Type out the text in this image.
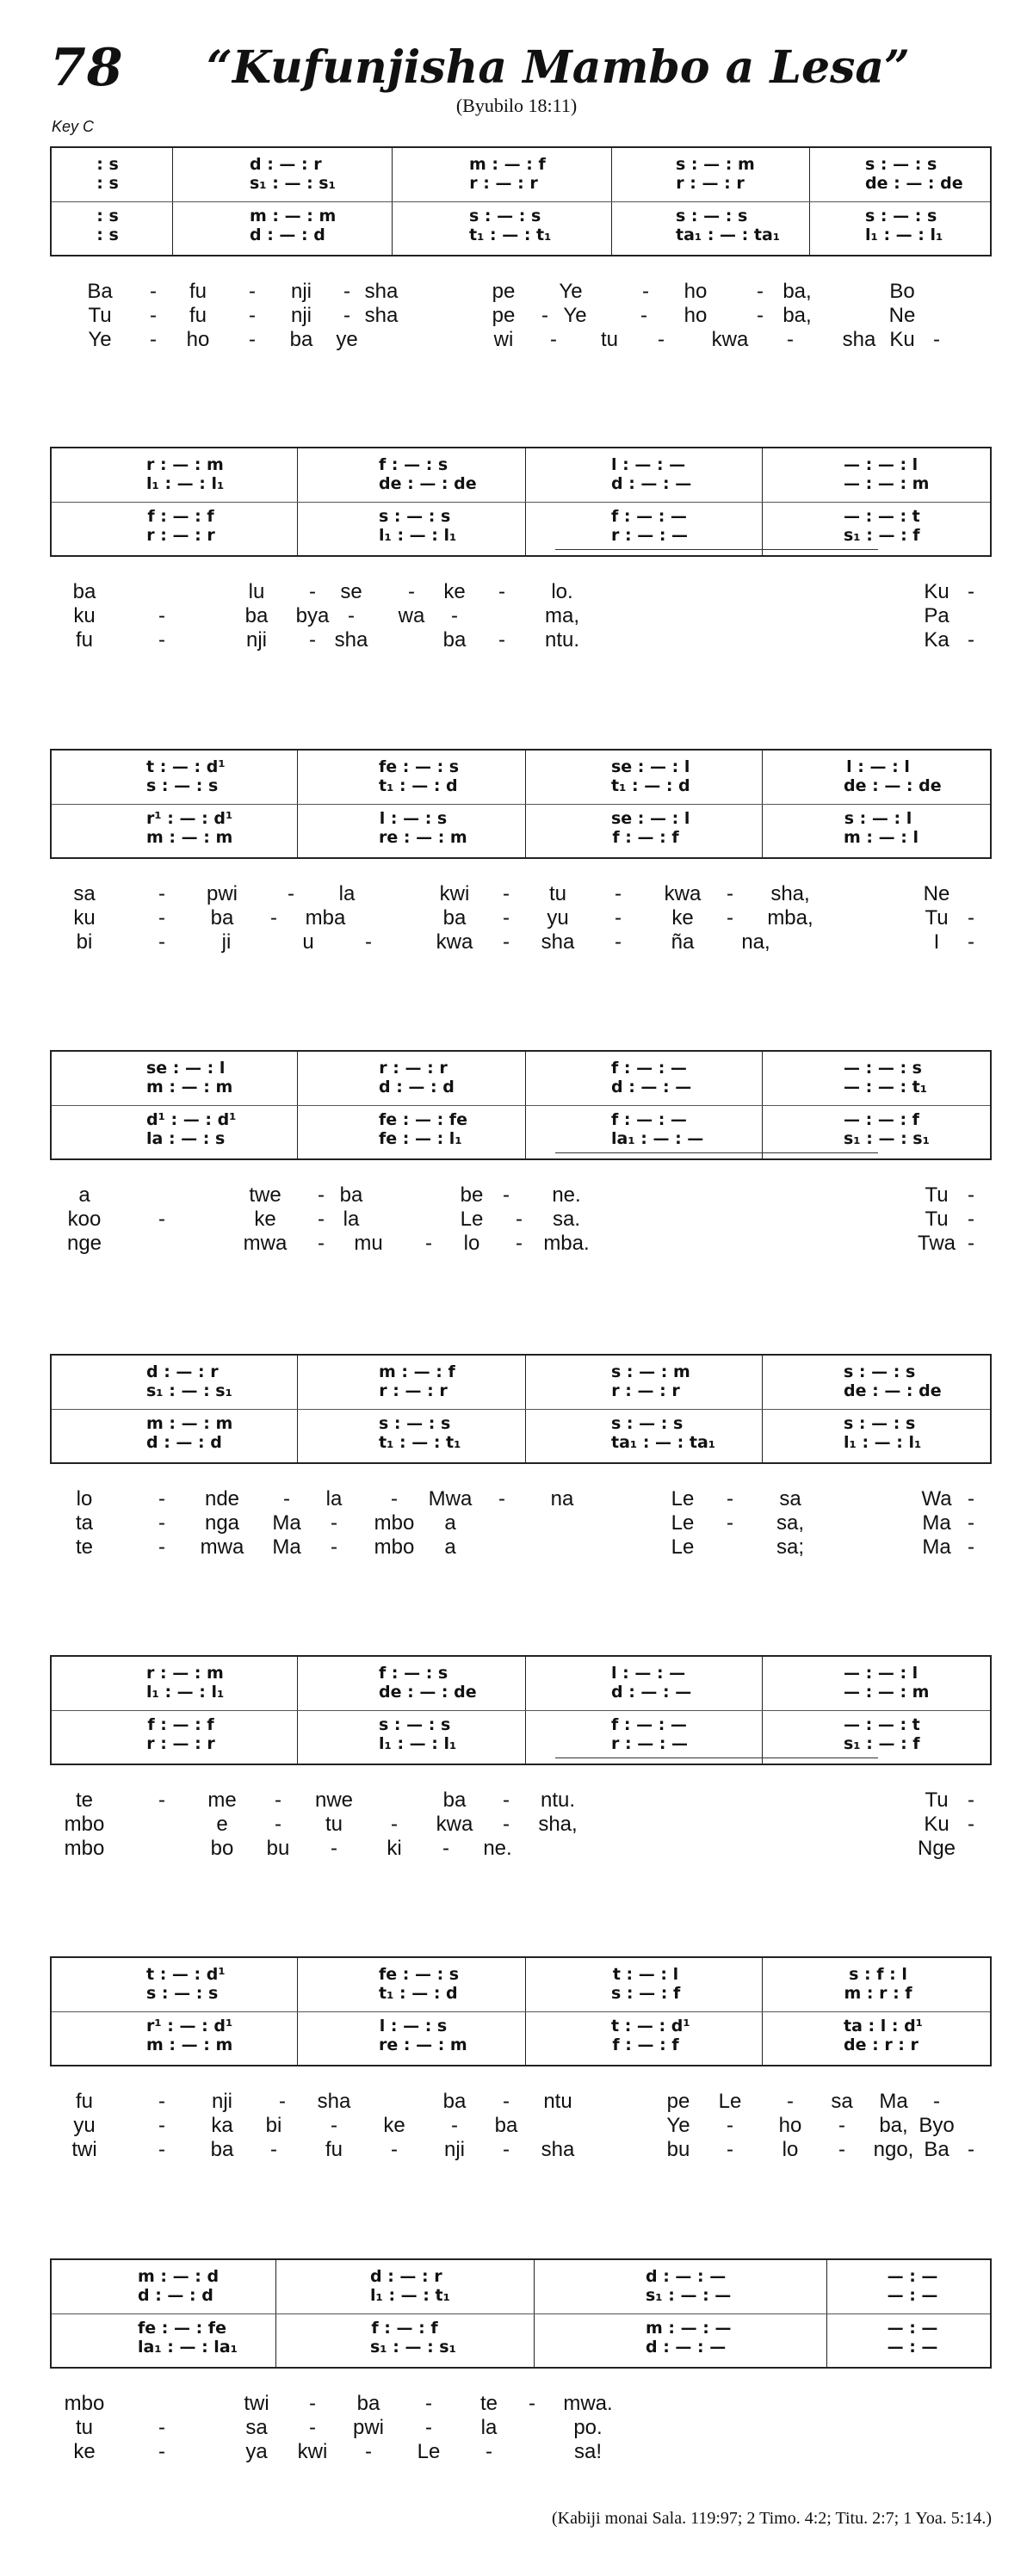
78 “Kufunjisha Mambo a Lesa”
(Byubilo 18:11)
Key C
: s	d : — : r	m : — : f	s : — : m	s : — : s
: s	s₁ : — : s₁	r : — : r	r : — : r	de : — : de
: s	m : — : m	s : — : s	s : — : s	s : — : s
: s	d : — : d	t₁ : — : t₁	ta₁ : — : ta₁	l₁ : — : l₁
Ba	-	fu	-	nji	- sha	pe	Ye	-	ho	- ba,	Bo
Tu	-	fu	-	nji	- sha	pe	- Ye	-	ho	- ba,	Ne
Ye	-	ho	-	ba	ye	wi	-	tu	-	kwa	-	sha Ku -
r : — : m	f : — : s	l : — : —	— : — : l
l₁ : — : l₁	de : — : de	d : — : —	— : — : m
f : — : f	s : — : s	f : — : —	— : — : t
r : — : r	l₁ : — : l₁	r : — : —	s₁ : — : f
ba	lu	-	se	-	ke	-	lo.	Ku -
ku	-	ba	bya -	wa	-	ma,	Pa
fu	-	nji	- sha	ba	-	ntu.	Ka -
t : — : d¹	fe : — : s	se : — : l	l : — : l
s : — : s	t₁ : — : d	t₁ : — : d	de : — : de
r¹ : — : d¹	l : — : s	se : — : l	s : — : l
m : — : m	re : — : m	f : — : f	m : — : l
sa	-	pwi	-	la	kwi	-	tu	-	kwa	-	sha,	Ne
ku	-	ba	-	mba	ba	-	yu	-	ke	-	mba,	Tu -
bi	-	ji	u	-	kwa	-	sha	-	ña	na,	I	-
se : — : l	r : — : r	f : — : —	— : — : s
m : — : m	d : — : d	d : — : —	— : — : t₁
d¹ : — : d¹	fe : — : fe	f : — : —	— : — : f
la : — : s	fe : — : l₁	la₁ : — : —	s₁ : — : s₁
a	twe	- ba	be -	ne.	Tu -
koo	-	ke	- la	Le	-	sa.	Tu -
nge	mwa	-	mu	-	lo	-	mba.	Twa -
d : — : r	m : — : f	s : — : m	s : — : s
s₁ : — : s₁	r : — : r	r : — : r	de : — : de
m : — : m	s : — : s	s : — : s	s : — : s
d : — : d	t₁ : — : t₁	ta₁ : — : ta₁	l₁ : — : l₁
lo	-	nde	-	la	-	Mwa	-	na	Le	-	sa	Wa -
ta	-	nga	Ma	-	mbo	a	Le	-	sa,	Ma -
te	-	mwa	Ma	-	mbo	a	Le	sa;	Ma -
r : — : m	f : — : s	l : — : —	— : — : l
l₁ : — : l₁	de : — : de	d : — : —	— : — : m
f : — : f	s : — : s	f : — : —	— : — : t
r : — : r	l₁ : — : l₁	r : — : —	s₁ : — : f
te	-	me	-	nwe	ba	-	ntu.	Tu -
mbo	e	-	tu	-	kwa	-	sha,	Ku -
mbo	bo	bu	-	ki	-	ne.	Nge
t : — : d¹	fe : — : s	t : — : l	s : f : l
s : — : s	t₁ : — : d	s : — : f	m : r : f
r¹ : — : d¹	l : — : s	t : — : d¹	ta : l : d¹
m : — : m	re : — : m	f : — : f	de : r : r
fu	-	nji	-	sha	ba	-	ntu	pe	Le	-	sa	Ma	-
yu	-	ka	bi	-	ke	-	ba	Ye	-	ho	-	ba, Byo
twi	-	ba	-	fu	-	nji	-	sha	bu	-	lo	-	ngo, Ba -
m : — : d	d : — : r	d : — : —	— : —
d : — : d	l₁ : — : t₁	s₁ : — : —	— : —
fe : — : fe	f : — : f	m : — : —	— : —
la₁ : — : la₁	s₁ : — : s₁	d : — : —	— : —
mbo	twi	-	ba	-	te	-	mwa.
tu	-	sa	-	pwi	-	la	po.
ke	-	ya	kwi	-	Le	-	sa!
(Kabiji monai Sala. 119:97; 2 Timo. 4:2; Titu. 2:7; 1 Yoa. 5:14.)
